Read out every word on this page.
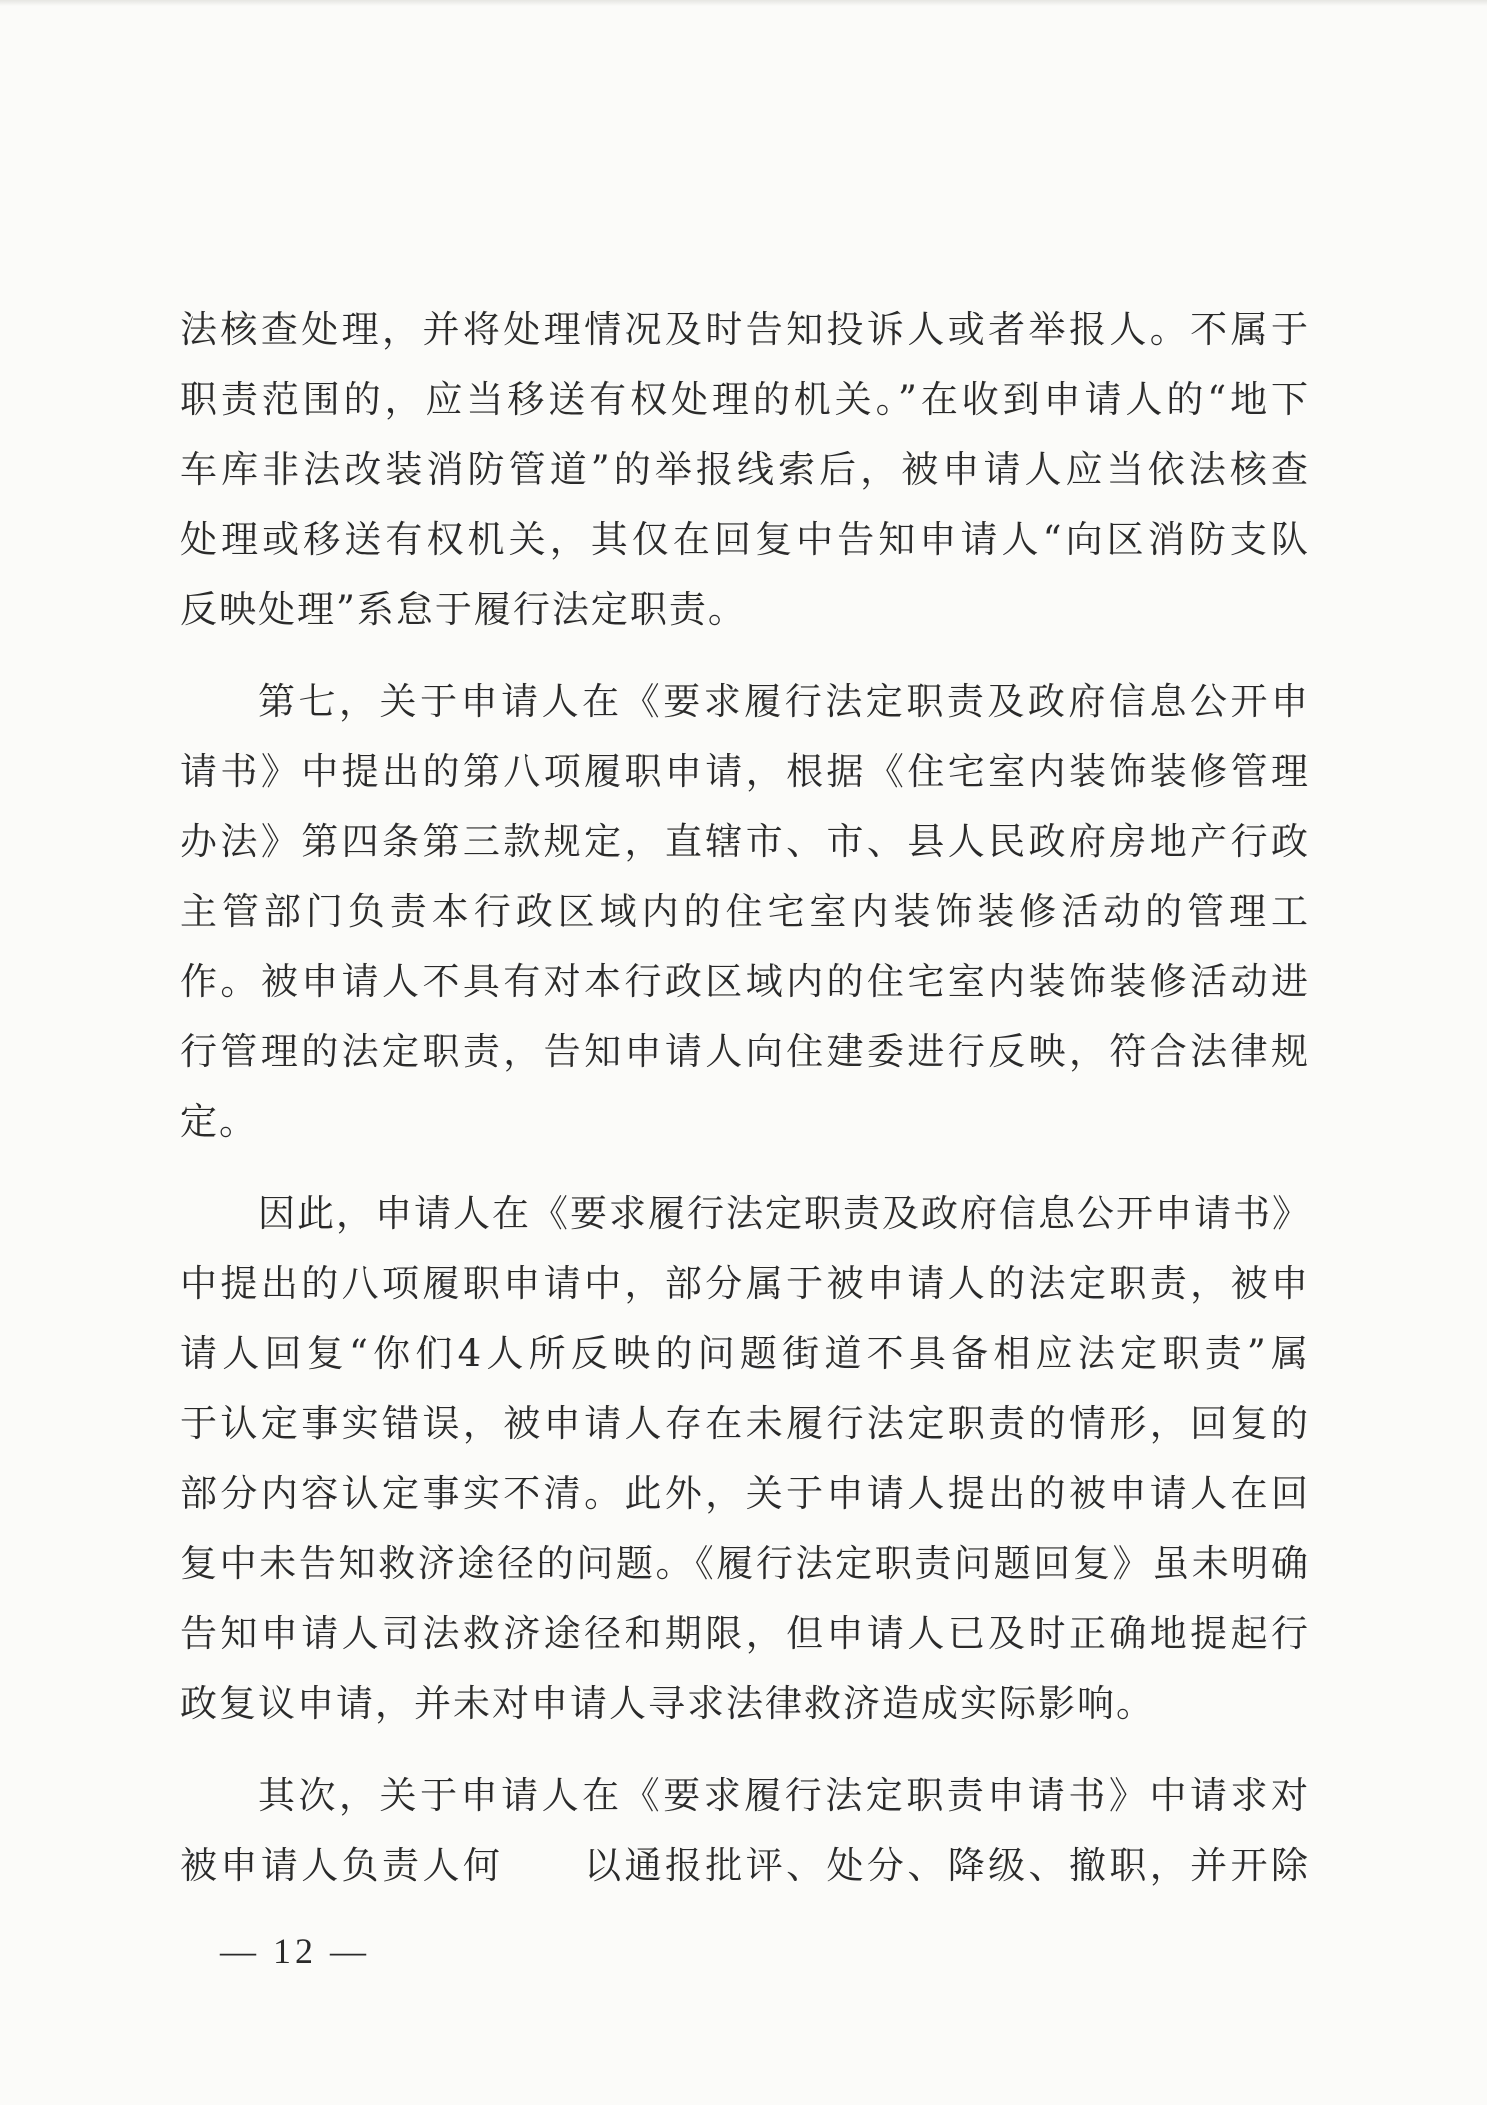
法核查处理，并将处理情况及时告知投诉人或者举报人。不属于
职责范围的，应当移送有权处理的机关。”在收到申请人的“地下
车库非法改装消防管道”的举报线索后，被申请人应当依法核查
处理或移送有权机关，其仅在回复中告知申请人“向区消防支队
反映处理”系怠于履行法定职责。
第七，关于申请人在《要求履行法定职责及政府信息公开申
请书》中提出的第八项履职申请，根据《住宅室内装饰装修管理
办法》第四条第三款规定，直辖市、市、县人民政府房地产行政
主管部门负责本行政区域内的住宅室内装饰装修活动的管理工
作。被申请人不具有对本行政区域内的住宅室内装饰装修活动进
行管理的法定职责，告知申请人向住建委进行反映，符合法律规
定。
因此，申请人在《要求履行法定职责及政府信息公开申请书》
中提出的八项履职申请中，部分属于被申请人的法定职责，被申
请人回复“你们4人所反映的问题街道不具备相应法定职责”属
于认定事实错误，被申请人存在未履行法定职责的情形，回复的
部分内容认定事实不清。此外，关于申请人提出的被申请人在回
复中未告知救济途径的问题。《履行法定职责问题回复》虽未明确
告知申请人司法救济途径和期限，但申请人已及时正确地提起行
政复议申请，并未对申请人寻求法律救济造成实际影响。
其次，关于申请人在《要求履行法定职责申请书》中请求对
被申请人负责人何　　以通报批评、处分、降级、撤职，并开除
— 12 —
